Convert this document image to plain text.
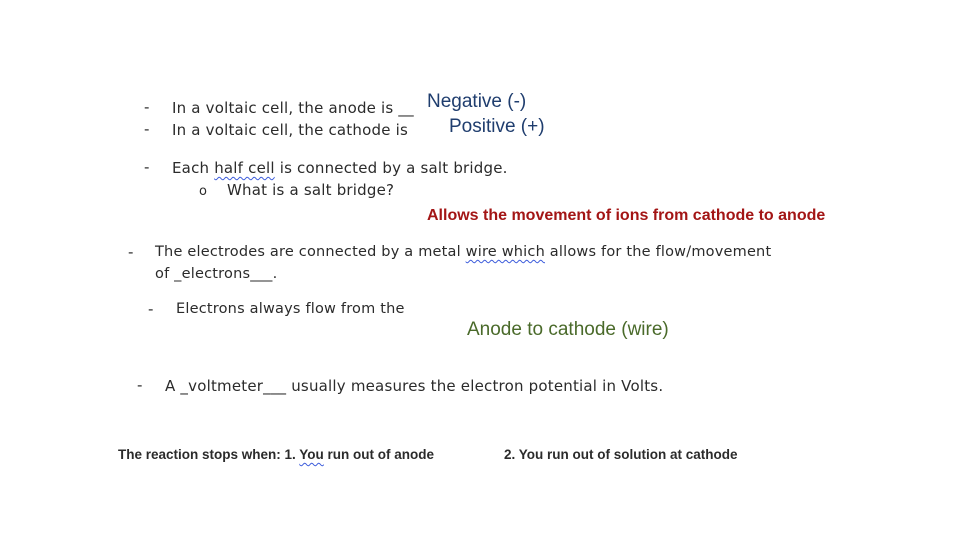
- In a voltaic cell, the anode is __ Negative (-)
- In a voltaic cell, the cathode is Positive (+)
- Each half cell is connected by a salt bridge.
o What is a salt bridge?
Allows the movement of ions from cathode to anode
- The electrodes are connected by a metal wire which allows for the flow/movement
of _electrons___.
- Electrons always flow from the
Anode to cathode (wire)
- A _voltmeter___ usually measures the electron potential in Volts.
The reaction stops when: 1. You run out of anode	2. You run out of solution at cathode
